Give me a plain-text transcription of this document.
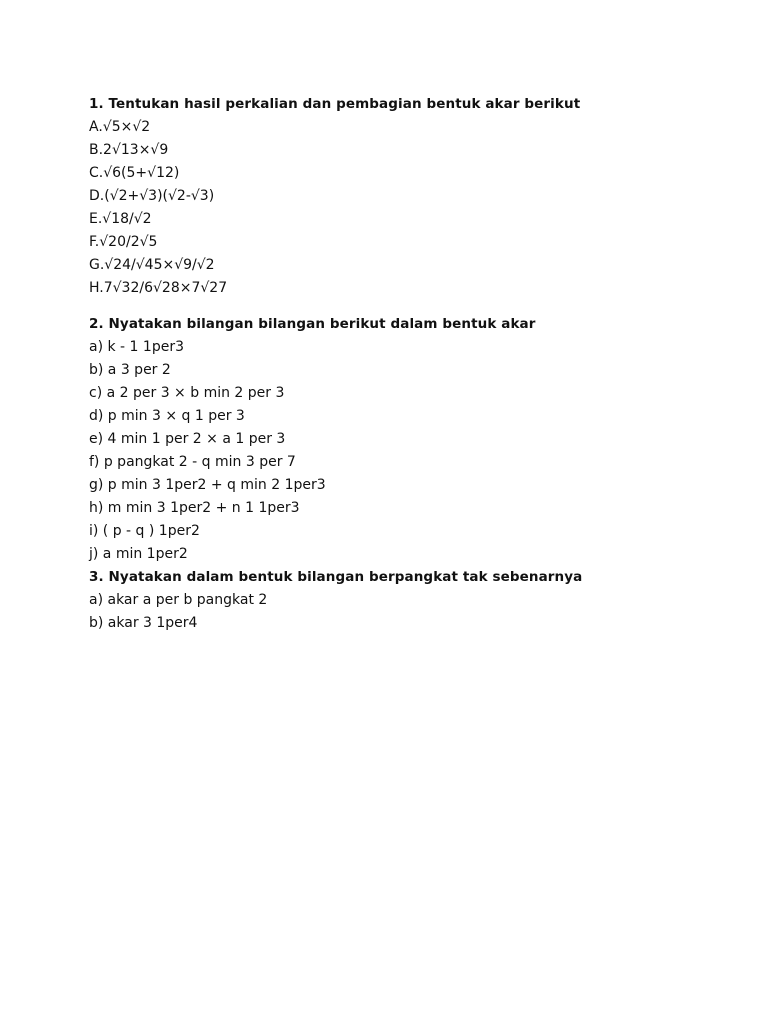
1. Tentukan hasil perkalian dan pembagian bentuk akar berikut
A.√5×√2
B.2√13×√9
C.√6(5+√12)
D.(√2+√3)(√2-√3)
E.√18/√2
F.√20/2√5
G.√24/√45×√9/√2
H.7√32/6√28×7√27
2. Nyatakan bilangan bilangan berikut dalam bentuk akar
a) k - 1 1per3
b) a 3 per 2
c) a 2 per 3 × b min 2 per 3
d) p min 3 × q 1 per 3
e) 4 min 1 per 2 × a 1 per 3
f) p pangkat 2 - q min 3 per 7
g) p min 3 1per2 + q min 2 1per3
h) m min 3 1per2 + n 1 1per3
i) ( p - q ) 1per2
j) a min 1per2
3. Nyatakan dalam bentuk bilangan berpangkat tak sebenarnya
a) akar a per b pangkat 2
b) akar 3 1per4
